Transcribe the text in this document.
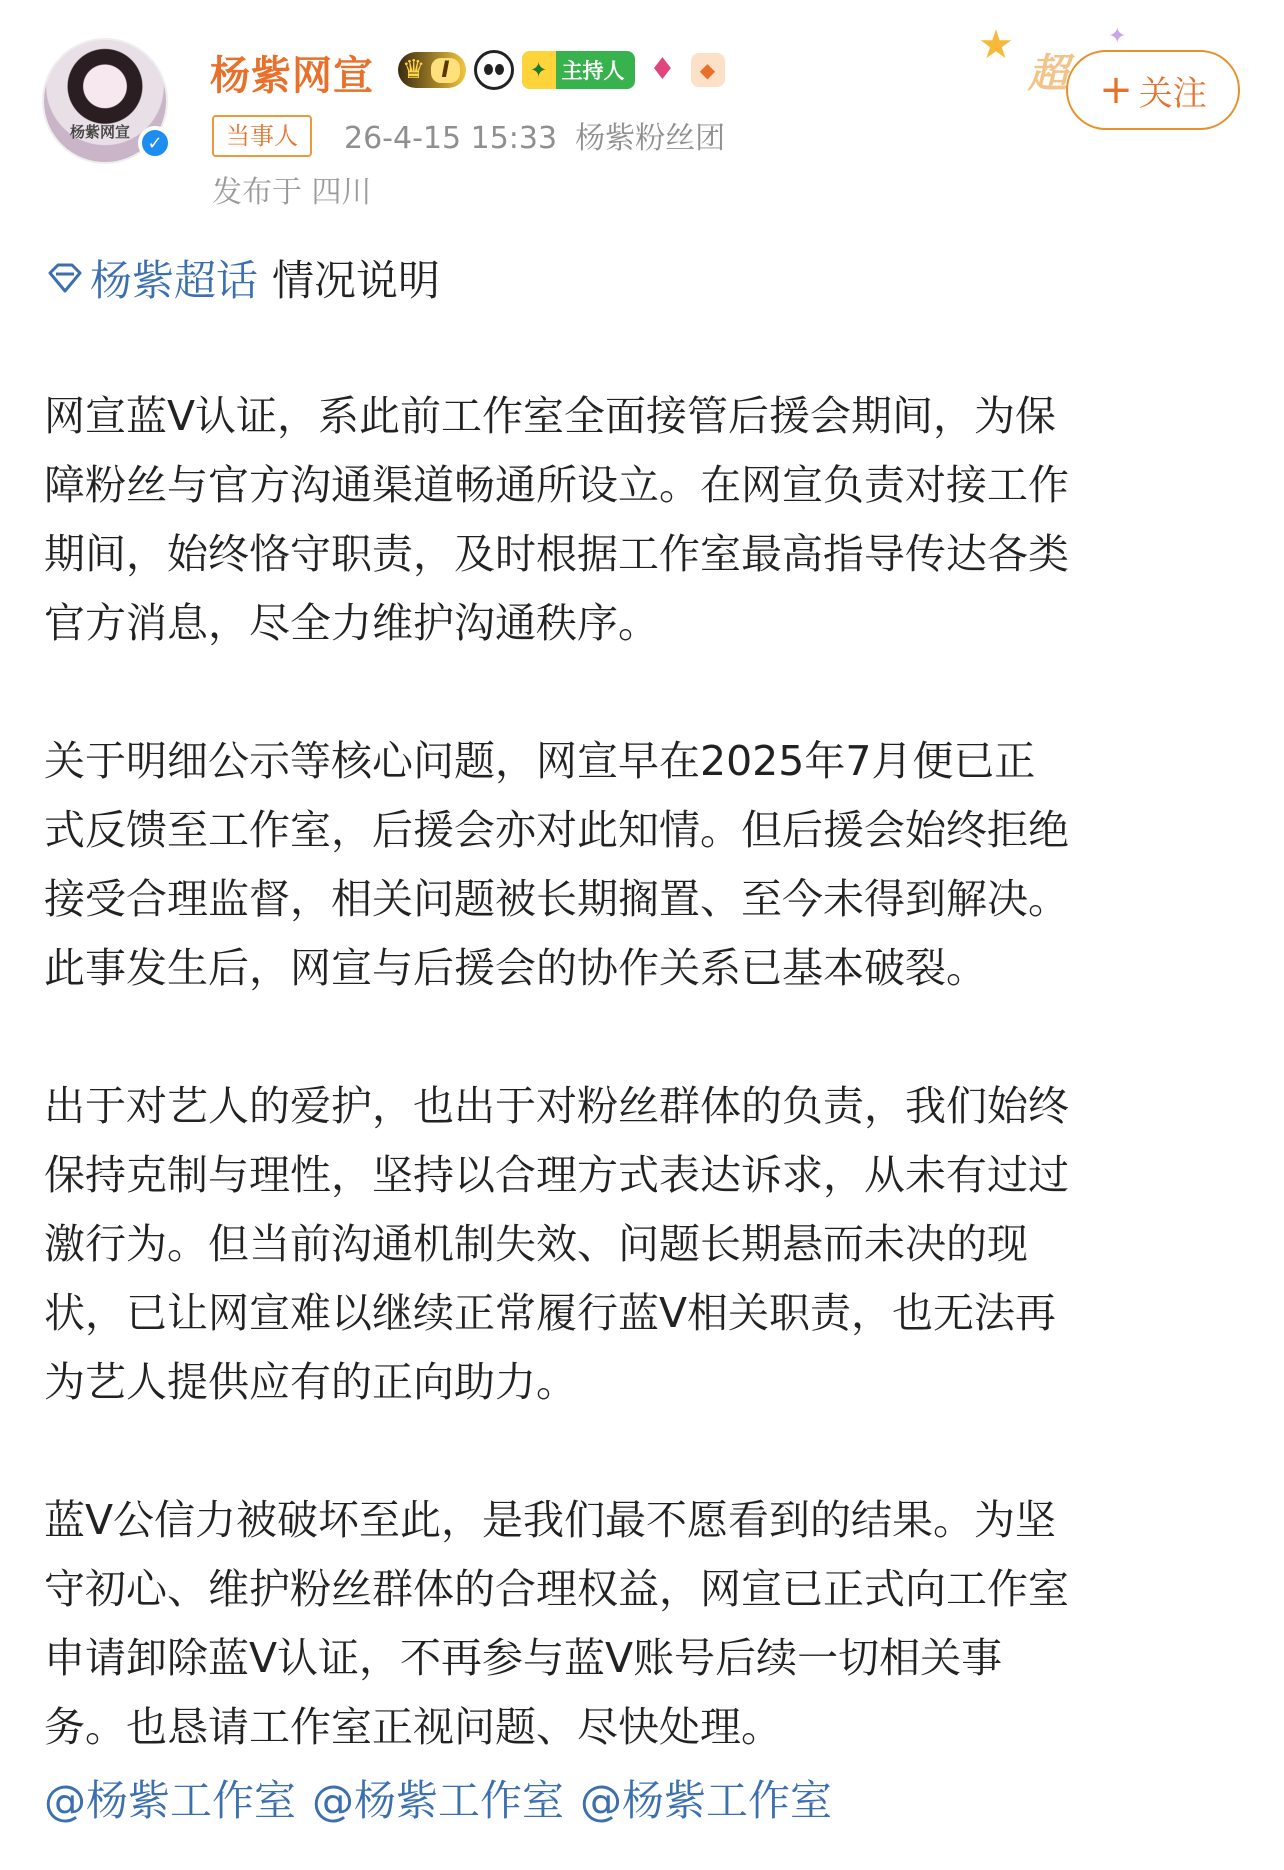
杨紫网宣
✓
杨紫网宣 ♛ I	✦ 主持人 ♦	◆
当事人	26-4-15 15:33 杨紫粉丝团
发布于 四川
★
超
✦
+ 关注
杨紫超话 情况说明
网宣蓝Ⅴ认证，系此前工作室全面接管后援会期间，为保
障粉丝与官方沟通渠道畅通所设立。在网宣负责对接工作
期间，始终恪守职责，及时根据工作室最高指导传达各类
官方消息，尽全力维护沟通秩序。
关于明细公示等核心问题，网宣早在2025年7月便已正
式反馈至工作室，后援会亦对此知情。但后援会始终拒绝
接受合理监督，相关问题被长期搁置、至今未得到解决。
此事发生后，网宣与后援会的协作关系已基本破裂。
出于对艺人的爱护，也出于对粉丝群体的负责，我们始终
保持克制与理性，坚持以合理方式表达诉求，从未有过过
激行为。但当前沟通机制失效、问题长期悬而未决的现
状，已让网宣难以继续正常履行蓝Ⅴ相关职责，也无法再
为艺人提供应有的正向助力。
蓝Ⅴ公信力被破坏至此，是我们最不愿看到的结果。为坚
守初心、维护粉丝群体的合理权益，网宣已正式向工作室
申请卸除蓝Ⅴ认证，不再参与蓝Ⅴ账号后续一切相关事
务。也恳请工作室正视问题、尽快处理。
@杨紫工作室 @杨紫工作室 @杨紫工作室
